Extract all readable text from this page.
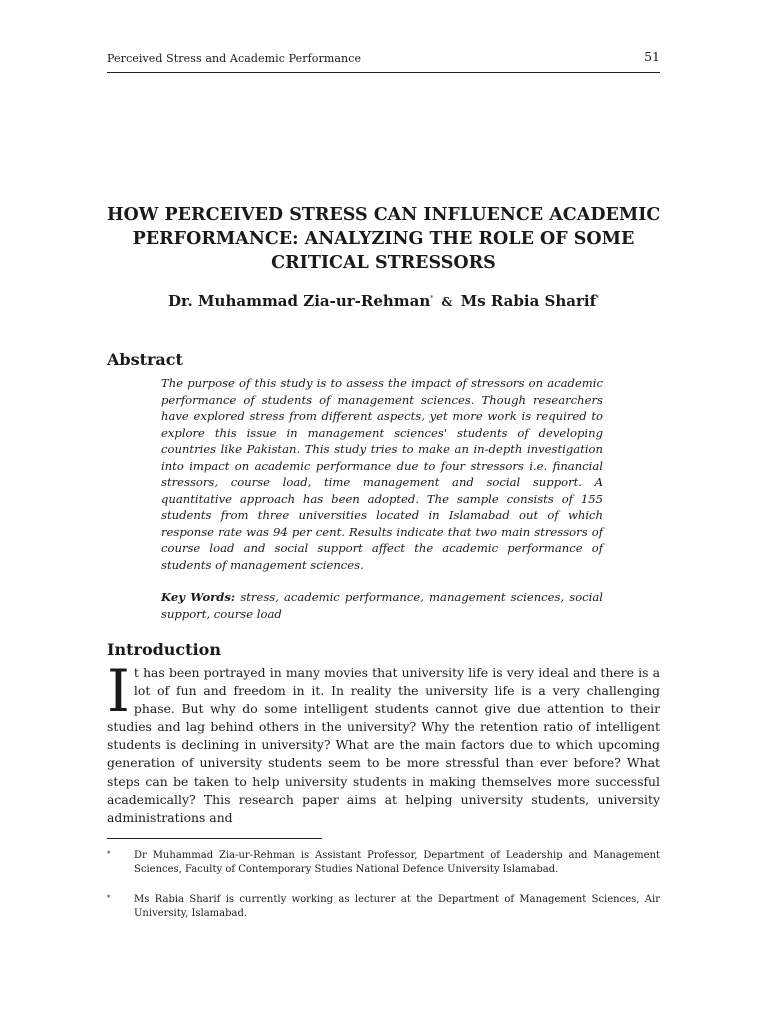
Perceived Stress and Academic Performance	51
HOW PERCEIVED STRESS CAN INFLUENCE ACADEMIC
PERFORMANCE: ANALYZING THE ROLE OF SOME
CRITICAL STRESSORS
Dr. Muhammad Zia-ur-Rehman* & Ms Rabia Sharif*
Abstract
The purpose of this study is to assess the impact of stressors on academic performance of students of management sciences. Though researchers have explored stress from different aspects, yet more work is required to explore this issue in management sciences' students of developing countries like Pakistan. This study tries to make an in-depth investigation into impact on academic performance due to four stressors i.e. financial stressors, course load, time management and social support. A quantitative approach has been adopted. The sample consists of 155 students from three universities located in Islamabad out of which response rate was 94 per cent. Results indicate that two main stressors of course load and social support affect the academic performance of students of management sciences.
Key Words: stress, academic performance, management sciences, social support, course load
Introduction
It has been portrayed in many movies that university life is very ideal and there is a lot of fun and freedom in it. In reality the university life is a very challenging phase. But why do some intelligent students cannot give due attention to their studies and lag behind others in the university? Why the retention ratio of intelligent students is declining in university? What are the main factors due to which upcoming generation of university students seem to be more stressful than ever before? What steps can be taken to help university students in making themselves more successful academically? This research paper aims at helping university students, university administrations and
* Dr Muhammad Zia-ur-Rehman is Assistant Professor, Department of Leadership and Management Sciences, Faculty of Contemporary Studies National Defence University Islamabad.
* Ms Rabia Sharif is currently working as lecturer at the Department of Management Sciences, Air University, Islamabad.
